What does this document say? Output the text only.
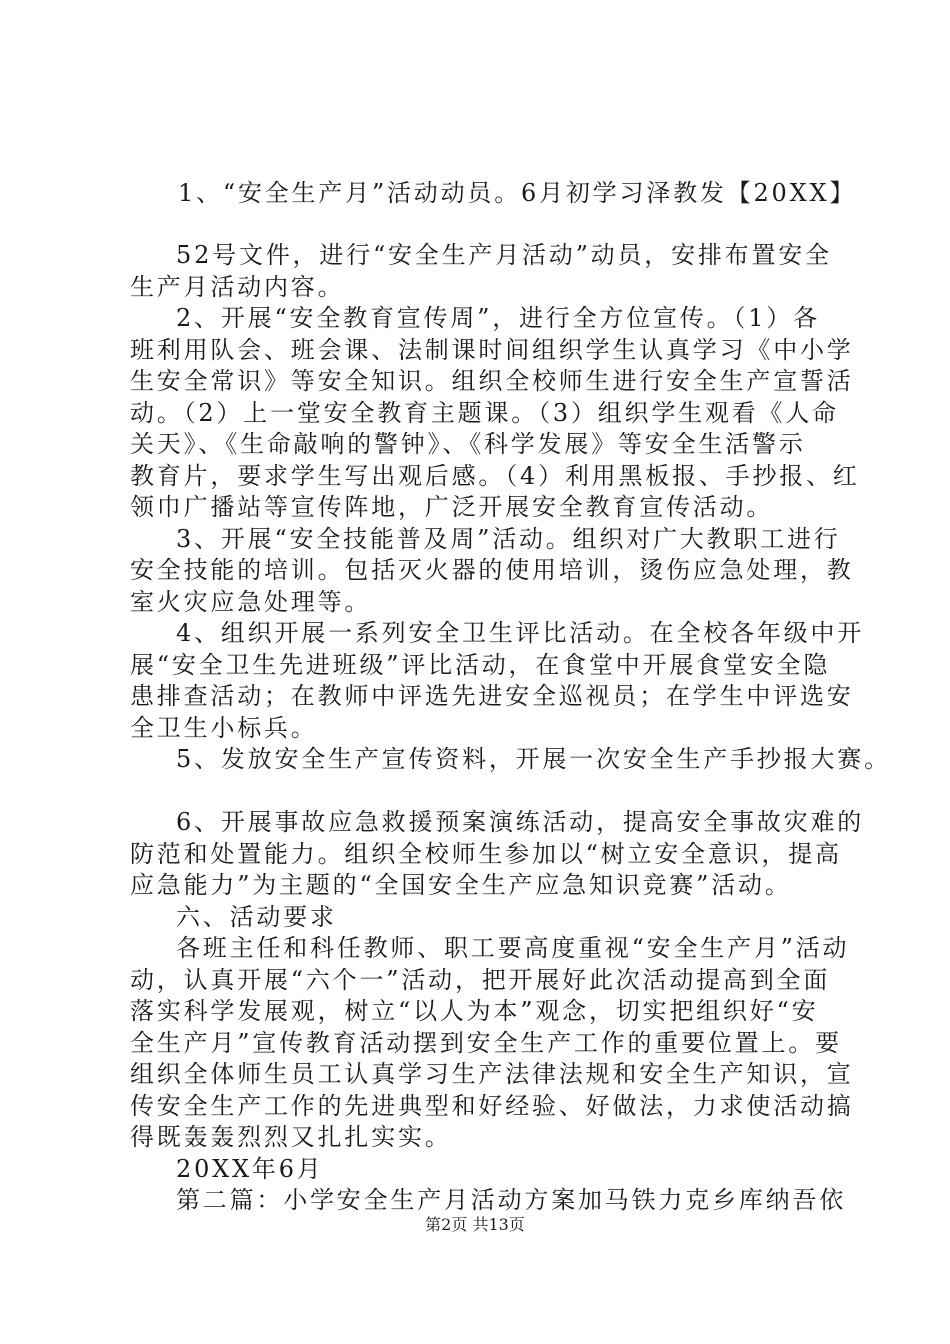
1、“安全生产月”活动动员。6月初学习泽教发【20XX】
52号文件，进行“安全生产月活动”动员，安排布置安全
生产月活动内容。
2、开展“安全教育宣传周”，进行全方位宣传。（1）各
班利用队会、班会课、法制课时间组织学生认真学习《中小学
生安全常识》等安全知识。组织全校师生进行安全生产宣誓活
动。（2）上一堂安全教育主题课。（3）组织学生观看《人命
关天》、《生命敲响的警钟》、《科学发展》等安全生活警示
教育片，要求学生写出观后感。（4）利用黑板报、手抄报、红
领巾广播站等宣传阵地，广泛开展安全教育宣传活动。
3、开展“安全技能普及周”活动。组织对广大教职工进行
安全技能的培训。包括灭火器的使用培训，烫伤应急处理，教
室火灾应急处理等。
4、组织开展一系列安全卫生评比活动。在全校各年级中开
展“安全卫生先进班级”评比活动，在食堂中开展食堂安全隐
患排查活动；在教师中评选先进安全巡视员；在学生中评选安
全卫生小标兵。
5、发放安全生产宣传资料，开展一次安全生产手抄报大赛。
6、开展事故应急救援预案演练活动，提高安全事故灾难的
防范和处置能力。组织全校师生参加以“树立安全意识，提高
应急能力”为主题的“全国安全生产应急知识竞赛”活动。
六、活动要求
各班主任和科任教师、职工要高度重视“安全生产月”活动
动，认真开展“六个一”活动，把开展好此次活动提高到全面
落实科学发展观，树立“以人为本”观念，切实把组织好“安
全生产月”宣传教育活动摆到安全生产工作的重要位置上。要
组织全体师生员工认真学习生产法律法规和安全生产知识，宣
传安全生产工作的先进典型和好经验、好做法，力求使活动搞
得既轰轰烈烈又扎扎实实。
20XX年6月
第二篇：小学安全生产月活动方案加马铁力克乡库纳吾依
第2页 共13页
